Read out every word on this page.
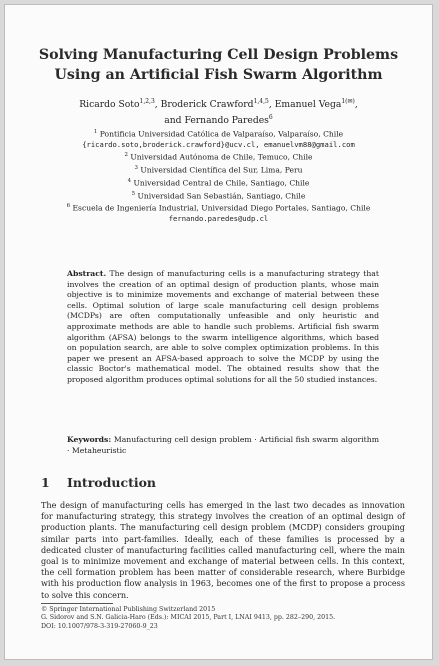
Solving Manufacturing Cell Design Problems
Using an Artificial Fish Swarm Algorithm
Ricardo Soto$^{1,2,3}$, Broderick Crawford$^{1,4,5}$, Emanuel Vega$^{1(✉)}$,
and Fernando Paredes$^6$
$^1$ Pontificia Universidad Católica de Valparaíso, Valparaíso, Chile
{ricardo.soto,broderick.crawford}@ucv.cl, emanuelvm88@gmail.com
$^2$ Universidad Autónoma de Chile, Temuco, Chile
$^3$ Universidad Científica del Sur, Lima, Peru
$^4$ Universidad Central de Chile, Santiago, Chile
$^5$ Universidad San Sebastián, Santiago, Chile
$^6$ Escuela de Ingeniería Industrial, Universidad Diego Portales, Santiago, Chile
fernando.paredes@udp.cl
Abstract. The design of manufacturing cells is a manufacturing strategy that involves the creation of an optimal design of production plants, whose main objective is to minimize movements and exchange of material between these cells. Optimal solution of large scale manufacturing cell design problems (MCDPs) are often computationally unfeasible and only heuristic and approximate methods are able to handle such problems. Artificial fish swarm algorithm (AFSA) belongs to the swarm intelligence algorithms, which based on population search, are able to solve complex optimization problems. In this paper we present an AFSA-based approach to solve the MCDP by using the classic Boctor's mathematical model. The obtained results show that the proposed algorithm produces optimal solutions for all the 50 studied instances.
Keywords: Manufacturing cell design problem · Artificial fish swarm algorithm · Metaheuristic
1 Introduction
The design of manufacturing cells has emerged in the last two decades as innovation for manufacturing strategy, this strategy involves the creation of an optimal design of production plants. The manufacturing cell design problem (MCDP) considers grouping similar parts into part-families. Ideally, each of these families is processed by a dedicated cluster of manufacturing facilities called manufacturing cell, where the main goal is to minimize movement and exchange of material between cells. In this context, the cell formation problem has been matter of considerable research, where Burbidge with his production flow analysis in 1963, becomes one of the first to propose a process to solve this concern.
© Springer International Publishing Switzerland 2015
G. Sidorov and S.N. Galicia-Haro (Eds.): MICAI 2015, Part I, LNAI 9413, pp. 282–290, 2015.
DOI: 10.1007/978-3-319-27060-9_23
